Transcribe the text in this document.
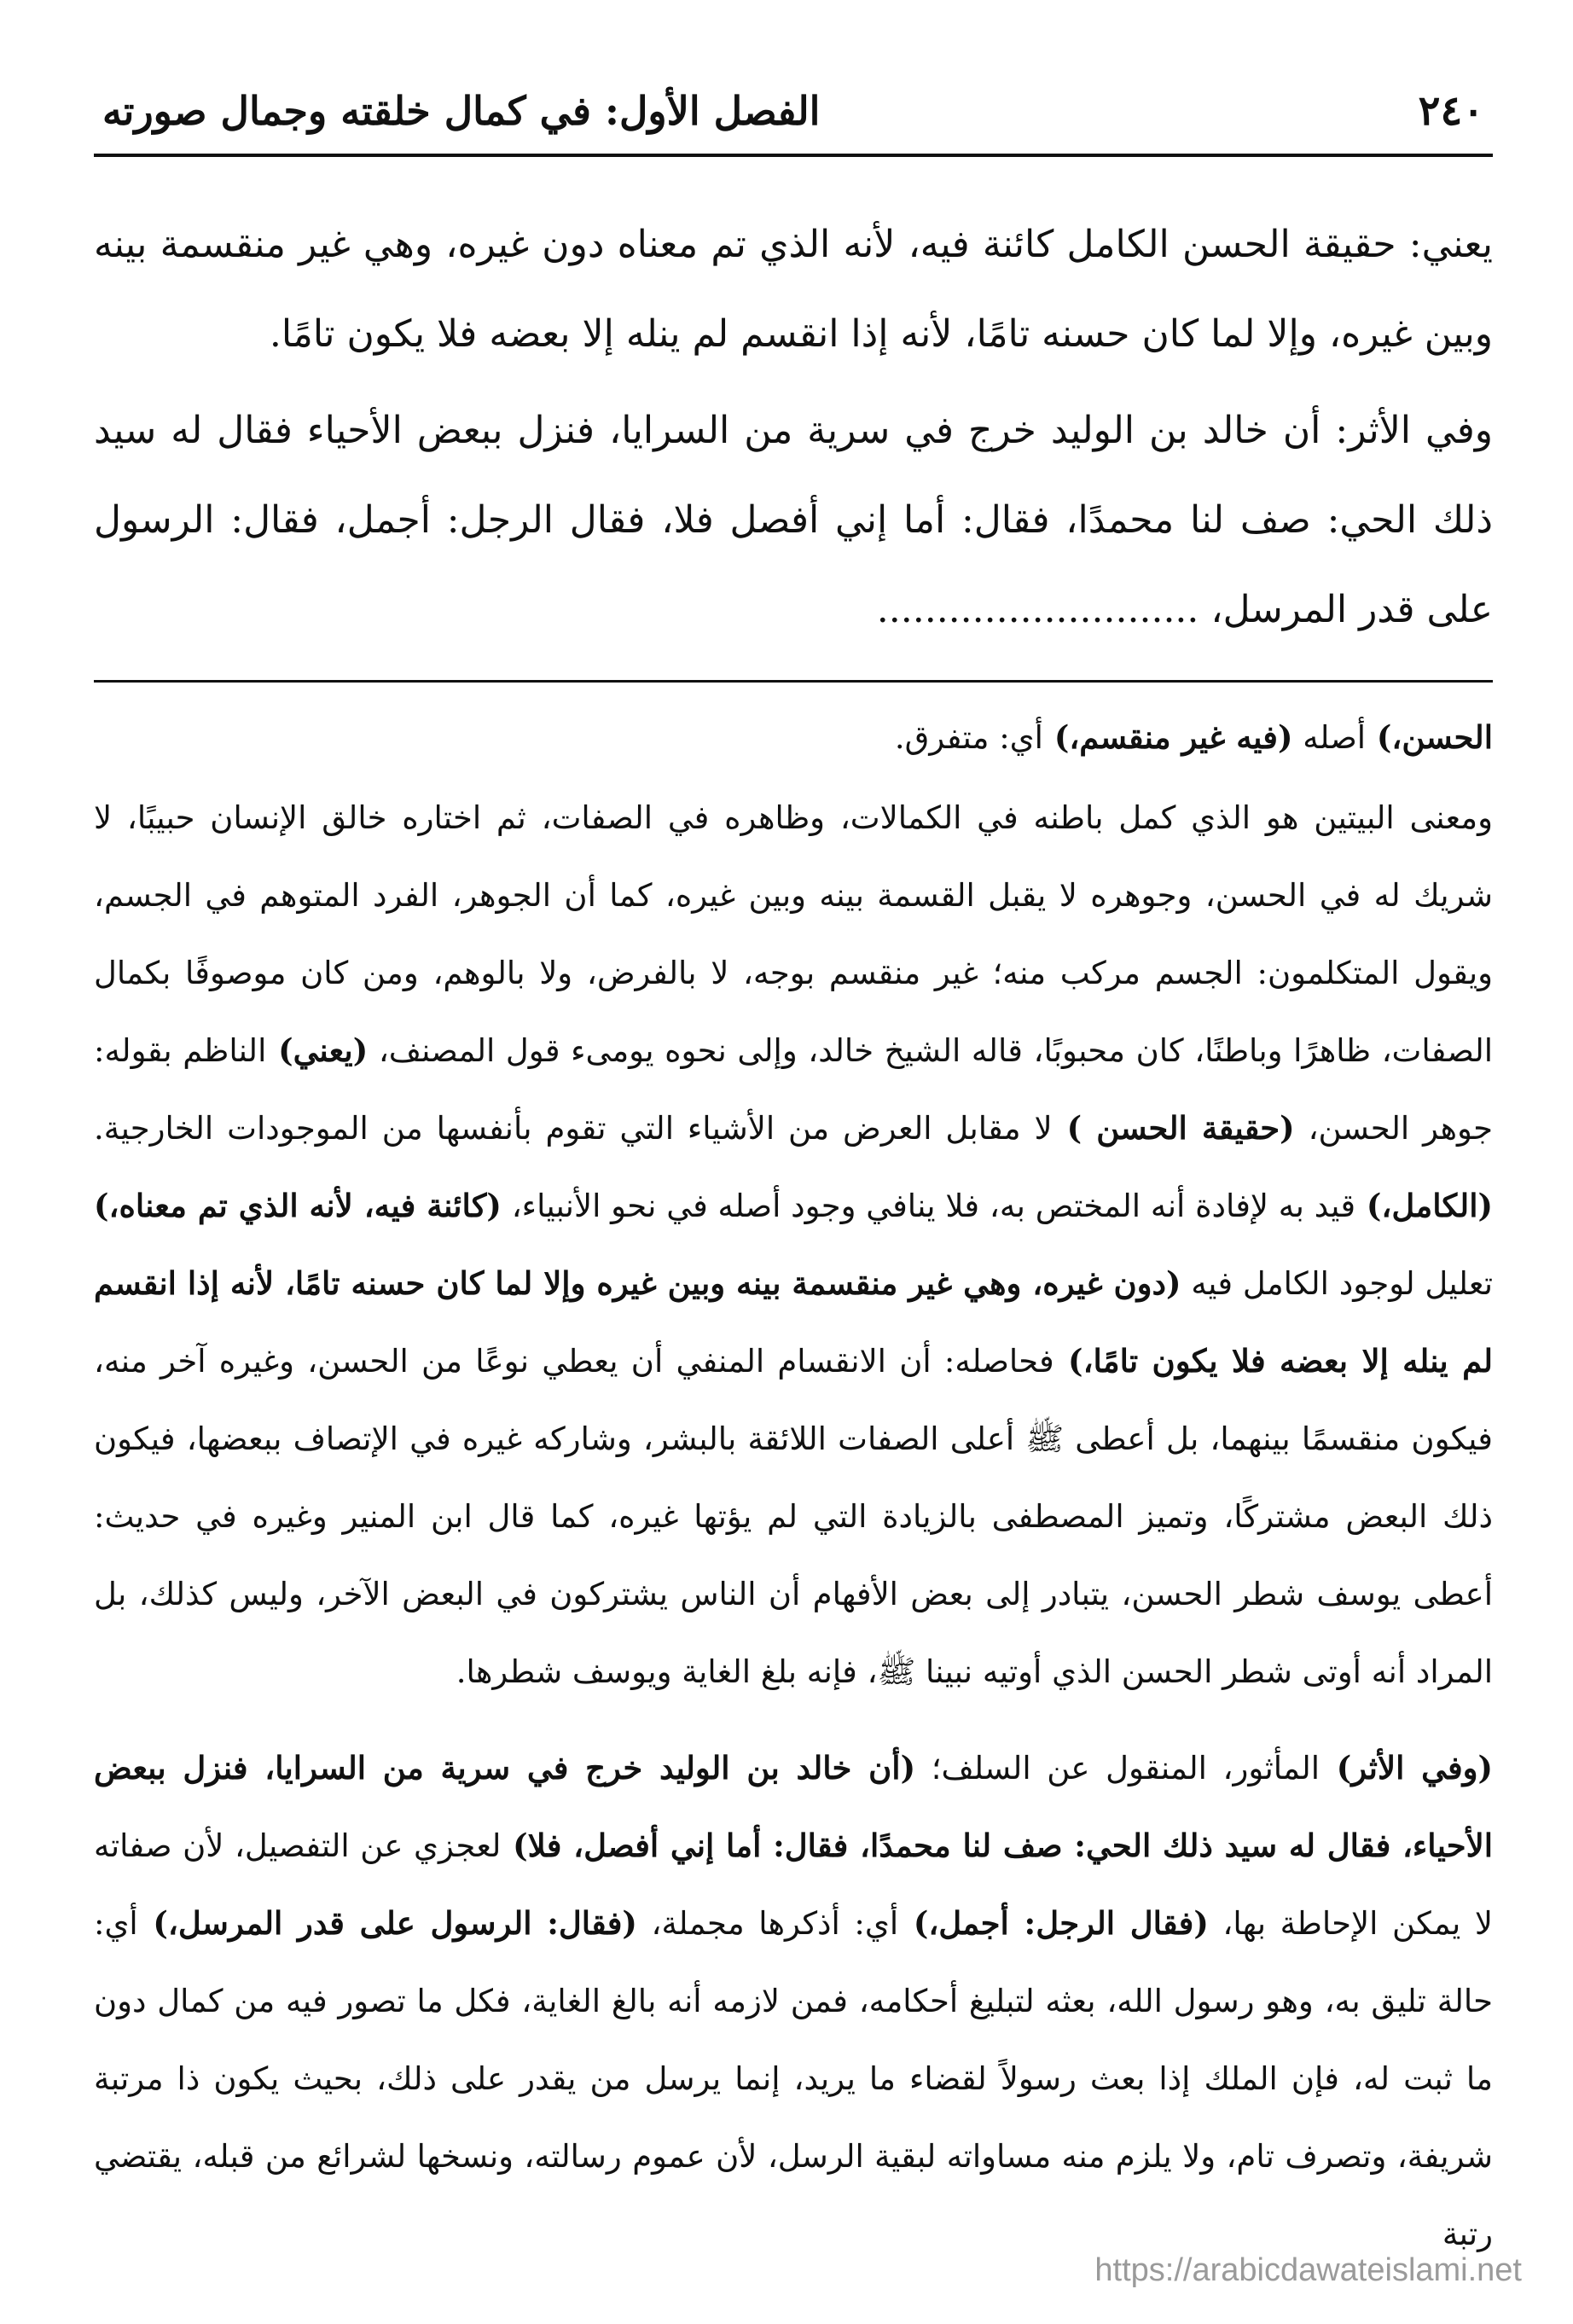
٢٤٠
الفصل الأول: في كمال خلقته وجمال صورته

يعني: حقيقة الحسن الكامل كائنة فيه، لأنه الذي تم معناه دون غيره، وهي غير منقسمة بينه وبين غيره، وإلا لما كان حسنه تامًا، لأنه إذا انقسم لم ينله إلا بعضه فلا يكون تامًا.

وفي الأثر: أن خالد بن الوليد خرج في سرية من السرايا، فنزل ببعض الأحياء فقال له سيد ذلك الحي: صف لنا محمدًا، فقال: أما إني أفصل فلا، فقال الرجل: أجمل، فقال: الرسول على قدر المرسل، ...........................

الحسن،) أصله (فيه غير منقسم،) أي: متفرق.

ومعنى البيتين هو الذي كمل باطنه في الكمالات، وظاهره في الصفات، ثم اختاره خالق الإنسان حبيبًا، لا شريك له في الحسن، وجوهره لا يقبل القسمة بينه وبين غيره، كما أن الجوهر، الفرد المتوهم في الجسم، ويقول المتكلمون: الجسم مركب منه؛ غير منقسم بوجه، لا بالفرض، ولا بالوهم، ومن كان موصوفًا بكمال الصفات، ظاهرًا وباطنًا، كان محبوبًا، قاله الشيخ خالد، وإلى نحوه يومىء قول المصنف، (يعني) الناظم بقوله: جوهر الحسن، (حقيقة الحسن ) لا مقابل العرض من الأشياء التي تقوم بأنفسها من الموجودات الخارجية. (الكامل،) قيد به لإفادة أنه المختص به، فلا ينافي وجود أصله في نحو الأنبياء، (كائنة فيه، لأنه الذي تم معناه،) تعليل لوجود الكامل فيه (دون غيره، وهي غير منقسمة بينه وبين غيره وإلا لما كان حسنه تامًا، لأنه إذا انقسم لم ينله إلا بعضه فلا يكون تامًا،) فحاصله: أن الانقسام المنفي أن يعطي نوعًا من الحسن، وغيره آخر منه، فيكون منقسمًا بينهما، بل أعطى ﷺ أعلى الصفات اللائقة بالبشر، وشاركه غيره في الإتصاف ببعضها، فيكون ذلك البعض مشتركًا، وتميز المصطفى بالزيادة التي لم يؤتها غيره، كما قال ابن المنير وغيره في حديث: أعطى يوسف شطر الحسن، يتبادر إلى بعض الأفهام أن الناس يشتركون في البعض الآخر، وليس كذلك، بل المراد أنه أوتى شطر الحسن الذي أوتيه نبينا ﷺ، فإنه بلغ الغاية ويوسف شطرها.

(وفي الأثر) المأثور، المنقول عن السلف؛ (أن خالد بن الوليد خرج في سرية من السرايا، فنزل ببعض الأحياء، فقال له سيد ذلك الحي: صف لنا محمدًا، فقال: أما إني أفصل، فلا) لعجزي عن التفصيل، لأن صفاته لا يمكن الإحاطة بها، (فقال الرجل: أجمل،) أي: أذكرها مجملة، (فقال: الرسول على قدر المرسل،) أي: حالة تليق به، وهو رسول الله، بعثه لتبليغ أحكامه، فمن لازمه أنه بالغ الغاية، فكل ما تصور فيه من كمال دون ما ثبت له، فإن الملك إذا بعث رسولاً لقضاء ما يريد، إنما يرسل من يقدر على ذلك، بحيث يكون ذا مرتبة شريفة، وتصرف تام، ولا يلزم منه مساواته لبقية الرسل، لأن عموم رسالته، ونسخها لشرائع من قبله، يقتضي رتبة

https://arabicdawateislami.net
